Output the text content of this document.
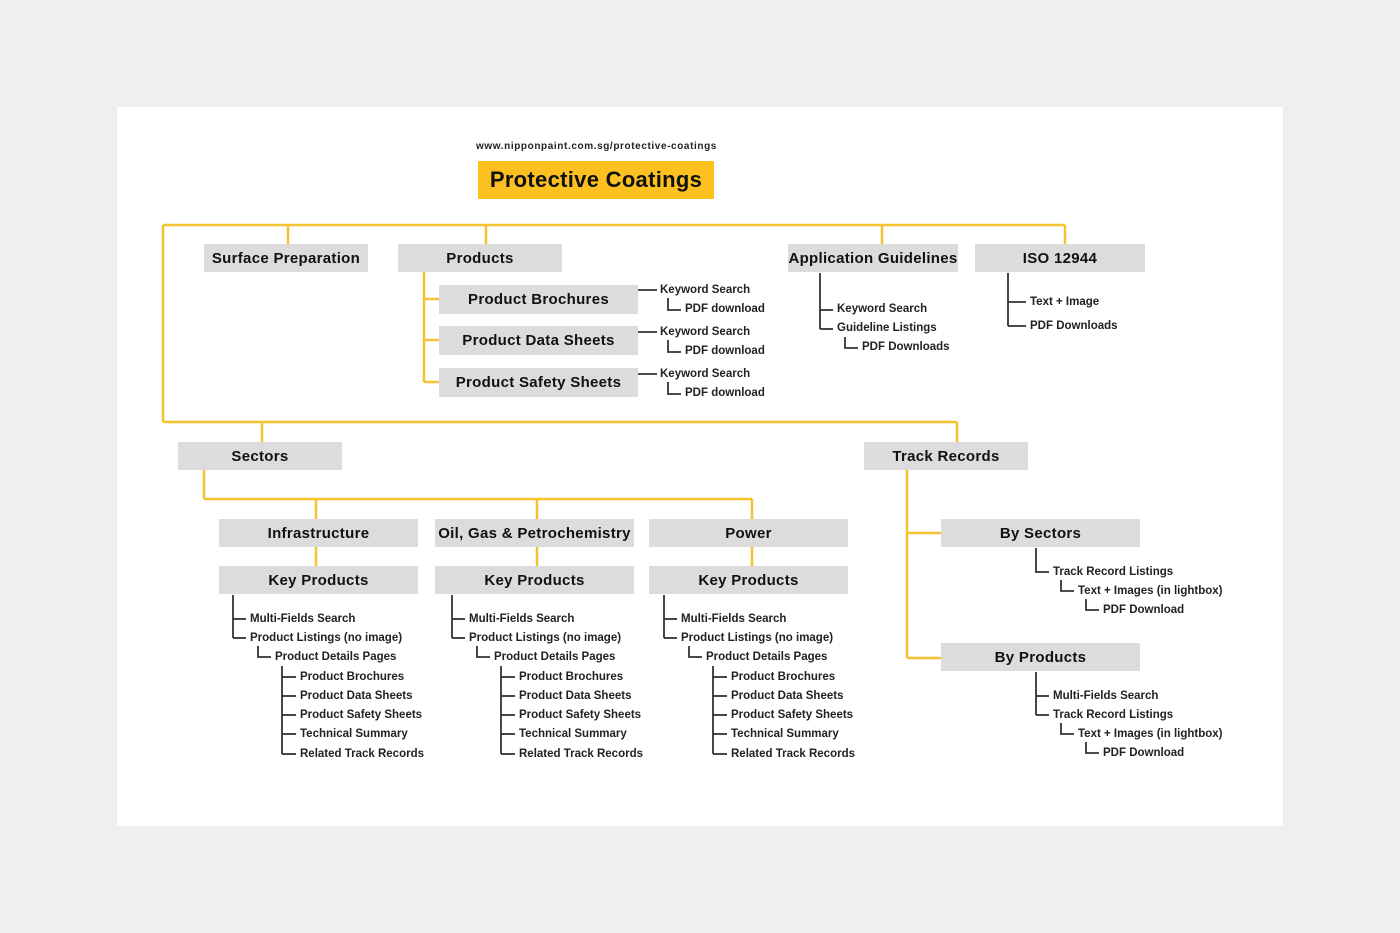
www.nipponpaint.com.sg/protective-coatings
Protective Coatings
Surface Preparation	Products	Application Guidelines	ISO 12944
Product Brochures
Product Data Sheets
Product Safety Sheets
Keyword Search
PDF download
Keyword Search
PDF download
Keyword Search
PDF download
Keyword Search
Guideline Listings
PDF Downloads
Text + Image
PDF Downloads
Sectors	Track Records
Infrastructure	Oil, Gas & Petrochemistry	Power
Key Products	Key Products	Key Products
Multi-Fields Search
Product Listings (no image)
Product Details Pages
Product Brochures
Product Data Sheets
Product Safety Sheets
Technical Summary
Related Track Records
Multi-Fields Search
Product Listings (no image)
Product Details Pages
Product Brochures
Product Data Sheets
Product Safety Sheets
Technical Summary
Related Track Records
Multi-Fields Search
Product Listings (no image)
Product Details Pages
Product Brochures
Product Data Sheets
Product Safety Sheets
Technical Summary
Related Track Records
By Sectors
By Products
Track Record Listings
Text + Images (in lightbox)
PDF Download
Multi-Fields Search
Track Record Listings
Text + Images (in lightbox)
PDF Download
